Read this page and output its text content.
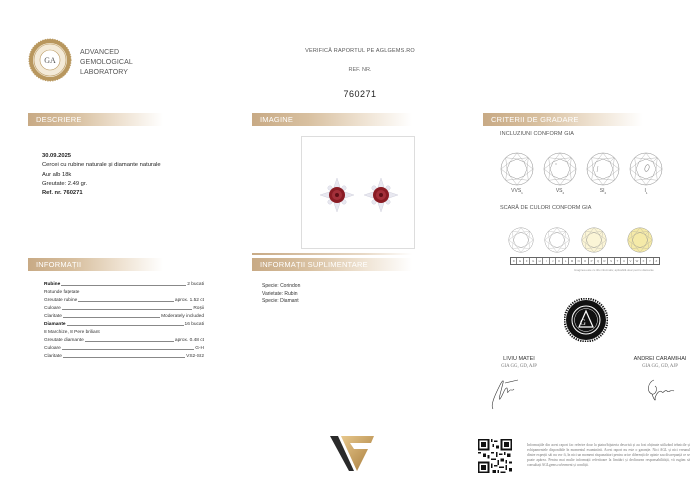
GA
ADVANCED
GEMOLOGICAL
LABORATORY
VERIFICĂ RAPORTUL PE AGLGEMS.RO
REF. NR.
760271
DESCRIERE	IMAGINE	CRITERII DE GRADARE
INFORMAȚII	INFORMAȚII SUPLIMENTARE
30.09.2025
Cercei cu rubine naturale și diamante naturale
Aur alb 18k
Greutate: 2.49 gr.
Ref. nr. 760271
Rubine	2 bucati
Rotunde fațetate
Greutate rubine	aprox. 1.52 ct
Culoare	Roșii
Claritate	Moderately included
Diamante	16 bucati
8 Marchize, 8 Pere briliant
Greutate diamante	aprox. 0.48 ct
Culoare	G-H
Claritate	VS2-SI2
Specie: Corindon
Varietate: Rubin
Specie: Diamant
INCLUZIUNI CONFORM GIA
$VVS_1$	$VS_2$	$SI_2$	$I_1$
SCARĂ DE CULORI CONFORM GIA
D	E	F	G	H	I	J	K	L	M	N	O	P	Q	R	S	T	U	V	W	X	Y	Z
Imaginea este cu titlu informativ, aplicabilă doar pentru diamante
G
LIVIU MATEI
GIA GG, GD, AJP
ANDREI CARAMIHAI
GIA GG, GD, AJP
Informațiile din acest raport fac referire doar la piatra/bijuteria descrisă și au fost obținute utilizând tehnicile și echipamentele disponibile în momentul examinării. Acest raport nu este o garanție. Nici AGL și nici vreunul dintre experții săi nu vor fi, în nici un moment răspunzători pentru orice diferență de opinie sau discrepanță ce se poate apărea. Pentru mai multe informații referitoare la limitări și declinarea responsabilității, vă rugăm să consultați AGLgems.ro/termeni și condiții.
